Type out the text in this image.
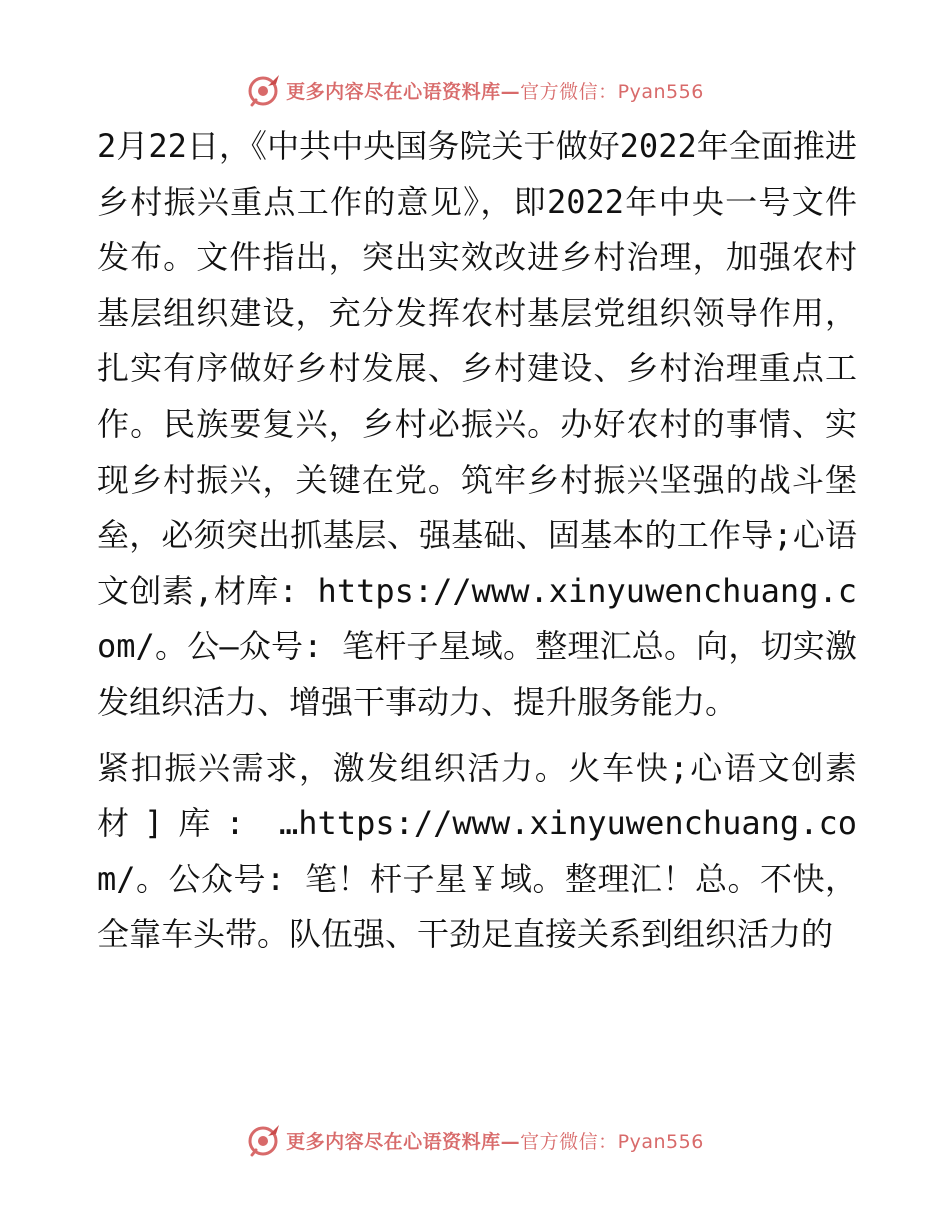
更多内容尽在心语资料库—官方微信：Pyan556

2月22日，《中共中央国务院关于做好2022年全面推进乡村振兴重点工作的意见》，即2022年中央一号文件发布。文件指出，突出实效改进乡村治理，加强农村基层组织建设，充分发挥农村基层党组织领导作用，扎实有序做好乡村发展、乡村建设、乡村治理重点工作。民族要复兴，乡村必振兴。办好农村的事情、实现乡村振兴，关键在党。筑牢乡村振兴坚强的战斗堡垒，必须突出抓基层、强基础、固基本的工作导;心语文创素,材库: https://www.xinyuwenchuang.com/。公—众号: 笔杆子星域。整理汇总。向，切实激发组织活力、增强干事动力、提升服务能力。

紧扣振兴需求，激发组织活力。火车快;心语文创素材]库: …https://www.xinyuwenchuang.com/。公众号: 笔！杆子星￥域。整理汇！总。不快，全靠车头带。队伍强、干劲足直接关系到组织活力的

更多内容尽在心语资料库—官方微信：Pyan556
